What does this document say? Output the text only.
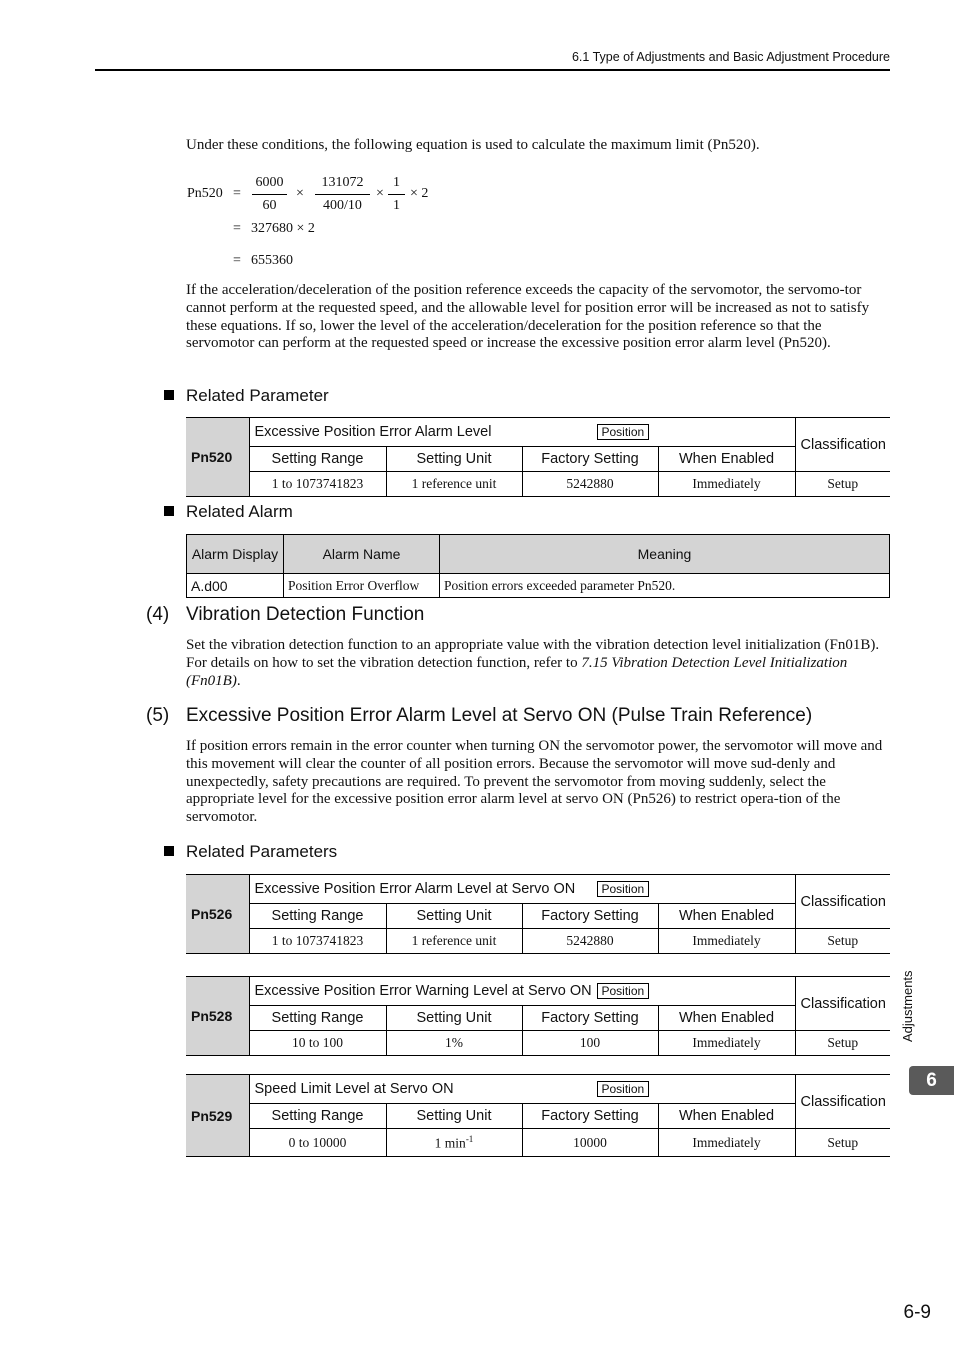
6.1 Type of Adjustments and Basic Adjustment Procedure
Under these conditions, the following equation is used to calculate the maximum limit (Pn520).
$Pn520 = \frac{6000}{60} \times \frac{131072}{400/10} \times \frac{1}{1} \times 2$
= 327680 × 2
= 655360
If the acceleration/deceleration of the position reference exceeds the capacity of the servomotor, the servomo-tor cannot perform at the requested speed, and the allowable level for position error will be increased as not to satisfy these equations. If so, lower the level of the acceleration/deceleration for the position reference so that the servomotor can perform at the requested speed or increase the excessive position error alarm level (Pn520).
Related Parameter
Pn520	Excessive Position Error Alarm Level Position				Classification
	Setting Range	Setting Unit	Factory Setting	When Enabled	
	1 to 1073741823	1 reference unit	5242880	Immediately	Setup
Related Alarm
Alarm Display	Alarm Name	Meaning
A.d00	Position Error Overflow	Position errors exceeded parameter Pn520.
(4) Vibration Detection Function
Set the vibration detection function to an appropriate value with the vibration detection level initialization (Fn01B). For details on how to set the vibration detection function, refer to 7.15 Vibration Detection Level Initialization (Fn01B).
(5) Excessive Position Error Alarm Level at Servo ON (Pulse Train Reference)
If position errors remain in the error counter when turning ON the servomotor power, the servomotor will move and this movement will clear the counter of all position errors. Because the servomotor will move sud-denly and unexpectedly, safety precautions are required. To prevent the servomotor from moving suddenly, select the appropriate level for the excessive position error alarm level at servo ON (Pn526) to restrict opera-tion of the servomotor.
Related Parameters
Pn526	Excessive Position Error Alarm Level at Servo ON Position				Classification
	Setting Range	Setting Unit	Factory Setting	When Enabled	
	1 to 1073741823	1 reference unit	5242880	Immediately	Setup
Pn528	Excessive Position Error Warning Level at Servo ON Position				Classification
	Setting Range	Setting Unit	Factory Setting	When Enabled	
	10 to 100	1%	100	Immediately	Setup
Pn529	Speed Limit Level at Servo ON Position				Classification
	Setting Range	Setting Unit	Factory Setting	When Enabled	
	0 to 10000	1 $\min^{-1}$	10000	Immediately	Setup
Adjustments
6
6-9
